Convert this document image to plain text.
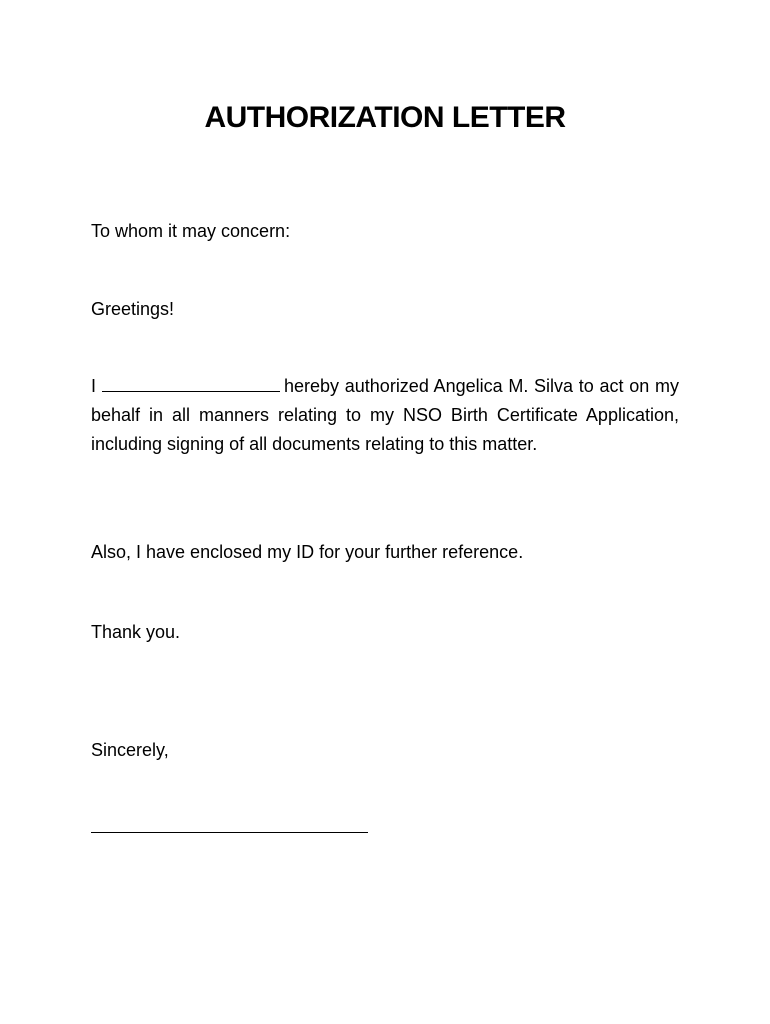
AUTHORIZATION LETTER
To whom it may concern:
Greetings!
I	hereby authorized Angelica M. Silva to act on my behalf in all manners relating to my NSO Birth Certificate Application, including signing of all documents relating to this matter.
Also, I have enclosed my ID for your further reference.
Thank you.
Sincerely,
